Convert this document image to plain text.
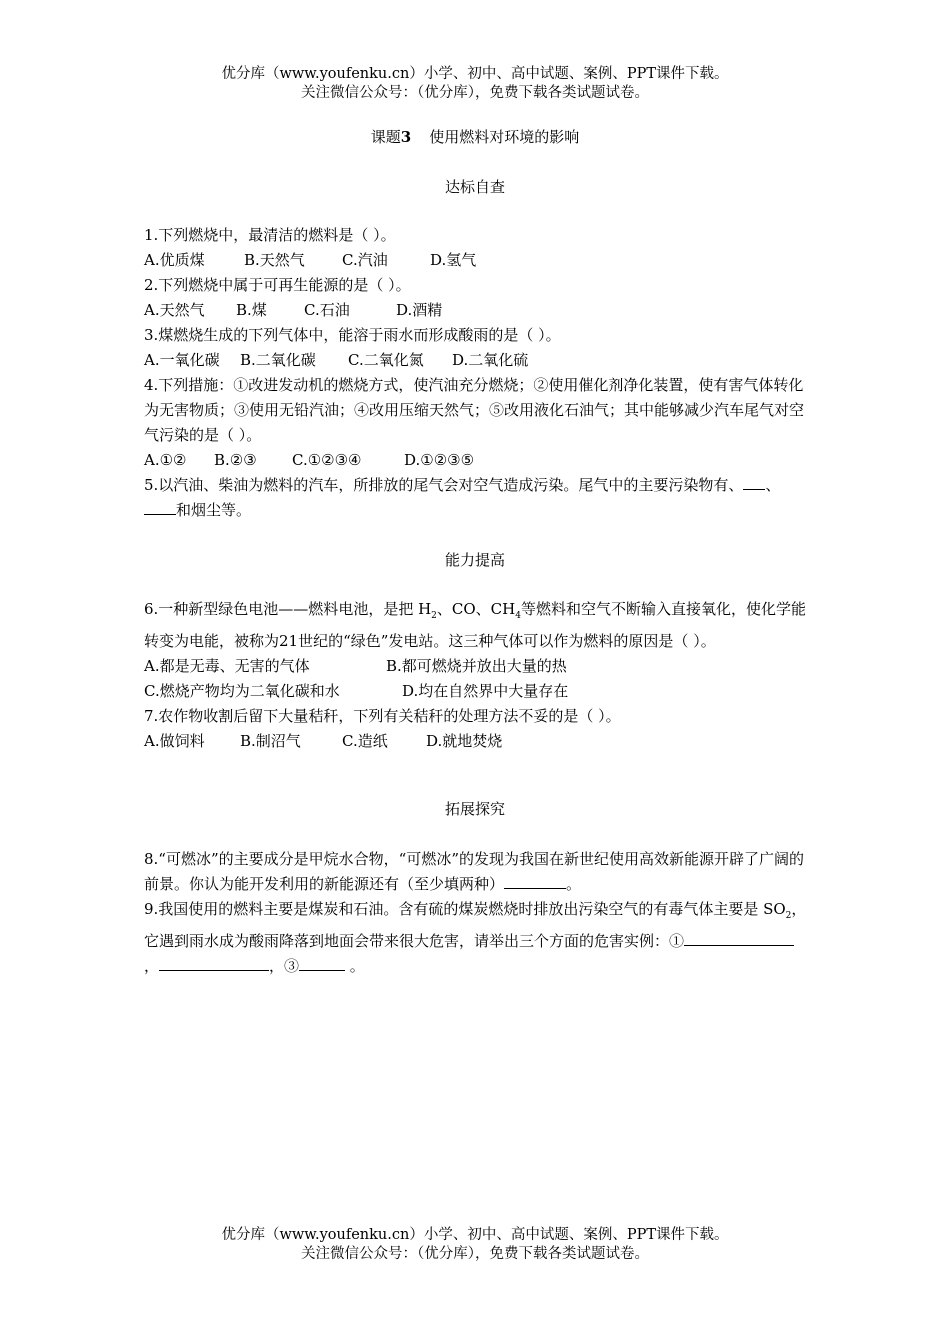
优分库（www.youfenku.cn）小学、初中、高中试题、案例、PPT课件下载。
关注微信公众号：（优分库），免费下载各类试题试卷。
课题3 使用燃料对环境的影响
达标自查

1.下列燃烧中，最清洁的燃料是（ ）。

A.优质煤	B.天然气 C.汽油	D.氢气

2.下列燃烧中属于可再生能源的是（ ）。

A.天然气 B.煤 C.石油	D.酒精

3.煤燃烧生成的下列气体中，能溶于雨水而形成酸雨的是（ ）。

A.一氧化碳 B.二氧化碳 C.二氧化氮 D.二氧化硫

4.下列措施：①改进发动机的燃烧方式，使汽油充分燃烧；②使用催化剂净化装置，使有害气体转化为无害物质；③使用无铅汽油；④改用压缩天然气；⑤改用液化石油气；其中能够减少汽车尾气对空气污染的是（ ）。

A.①② B.②③ C.①②③④	D.①②③⑤

5.以汽油、柴油为燃料的汽车，所排放的尾气会对空气造成污染。尾气中的主要污染物有、 、和烟尘等。

能力提高

6.一种新型绿色电池——燃料电池，是把 $H_2$、CO、$CH_4$等燃料和空气不断输入直接氧化，使化学能转变为电能，被称为21世纪的“绿色”发电站。这三种气体可以作为燃料的原因是（ ）。

A.都是无毒、无害的气体	B.都可燃烧并放出大量的热

C.燃烧产物均为二氧化碳和水	D.均在自然界中大量存在

7.农作物收割后留下大量秸秆，下列有关秸秆的处理方法不妥的是（ ）。

A.做饲料 B.制沼气	C.造纸	D.就地焚烧

拓展探究

8.“可燃冰”的主要成分是甲烷水合物，“可燃冰”的发现为我国在新世纪使用高效新能源开辟了广阔的前景。你认为能开发利用的新能源还有（至少填两种）	。

9.我国使用的燃料主要是煤炭和石油。含有硫的煤炭燃烧时排放出污染空气的有毒气体主要是 $SO_2$，它遇到雨水成为酸雨降落到地面会带来很大危害，请举出三个方面的危害实例：①，	，③	。

优分库（www.youfenku.cn）小学、初中、高中试题、案例、PPT课件下载。
关注微信公众号：（优分库），免费下载各类试题试卷。
